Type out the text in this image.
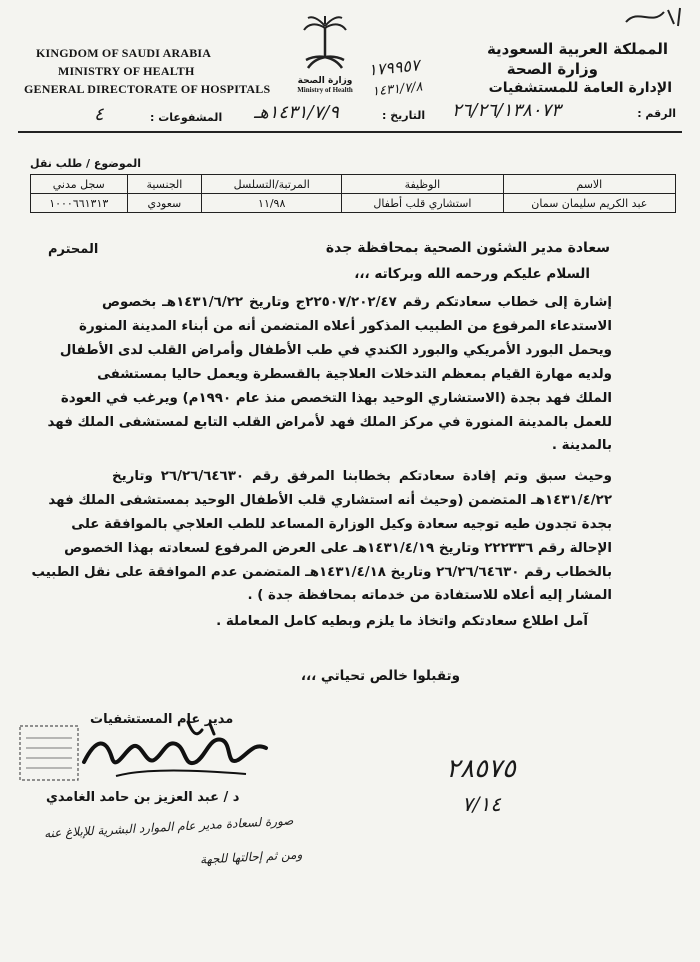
KINGDOM OF SAUDI ARABIA
MINISTRY OF HEALTH
GENERAL DIRECTORATE OF HOSPITALS
وزارة الصحة
Ministry of Health
المملكة العربية السعودية
وزارة الصحة
الإدارة العامة للمستشفيات
١٧٩٩٥٧
١٤٣١/٧/٨
الرقم :
٢٦/٢٦/١٣٨٠٧٣
التاريخ :
١٤٣١/٧/٩هـ
المشفوعات :
٤
الموضوع / طلب نقل
الاسم	الوظيفة	المرتبة/التسلسل	الجنسية	سجل مدني
عبد الكريم سليمان سمان	استشاري قلب أطفال	١١/٩٨	سعودي	١٠٠٠٦٦١٣١٣
سعادة مدير الشئون الصحية بمحافظة جدة
المحترم
السلام عليكم ورحمه الله وبركاته ،،،
إشارة إلى خطاب سعادتكم رقم ٢٢٥٠٧/٢٠٢/٤٧ج وتاريخ ١٤٣١/٦/٢٢هـ بخصوص
الاستدعاء المرفوع من الطبيب المذكور أعلاه المتضمن أنه من أبناء المدينة المنورة
ويحمل البورد الأمريكي والبورد الكندي في طب الأطفال وأمراض القلب لدى الأطفال
ولديه مهارة القيام بمعظم التدخلات العلاجية بالقسطرة ويعمل حاليا بمستشفى
الملك فهد بجدة (الاستشاري الوحيد بهذا التخصص منذ عام ١٩٩٠م) ويرغب في العودة
للعمل بالمدينة المنورة في مركز الملك فهد لأمراض القلب التابع لمستشفى الملك فهد
بالمدينة .
وحيث سبق وتم إفادة سعادتكم بخطابنا المرفق رقم ٢٦/٢٦/٦٤٦٣٠ وتاريخ
١٤٣١/٤/٢٢هـ المتضمن (وحيث أنه استشاري قلب الأطفال الوحيد بمستشفى الملك فهد
بجدة تجدون طيه توجيه سعادة وكيل الوزارة المساعد للطب العلاجي بالموافقة على
الإحالة رقم ٢٢٢٣٣٦ وتاريخ ١٤٣١/٤/١٩هـ على العرض المرفوع لسعادته بهذا الخصوص
بالخطاب رقم ٢٦/٢٦/٦٤٦٣٠ وتاريخ ١٤٣١/٤/١٨هـ المتضمن عدم الموافقة على نقل الطبيب
المشار إليه أعلاه للاستفادة من خدماته بمحافظة جدة ) .
آمل اطلاع سعادتكم واتخاذ ما يلزم وبطيه كامل المعاملة .
وتقبلوا خالص تحياتي ،،،
مدير عام المستشفيات
د / عبد العزيز بن حامد الغامدي
٢٨٥٧٥
٧/١٤
صورة لسعادة مدير عام الموارد البشرية للإبلاغ عنه
ومن ثم إحالتها للجهة
